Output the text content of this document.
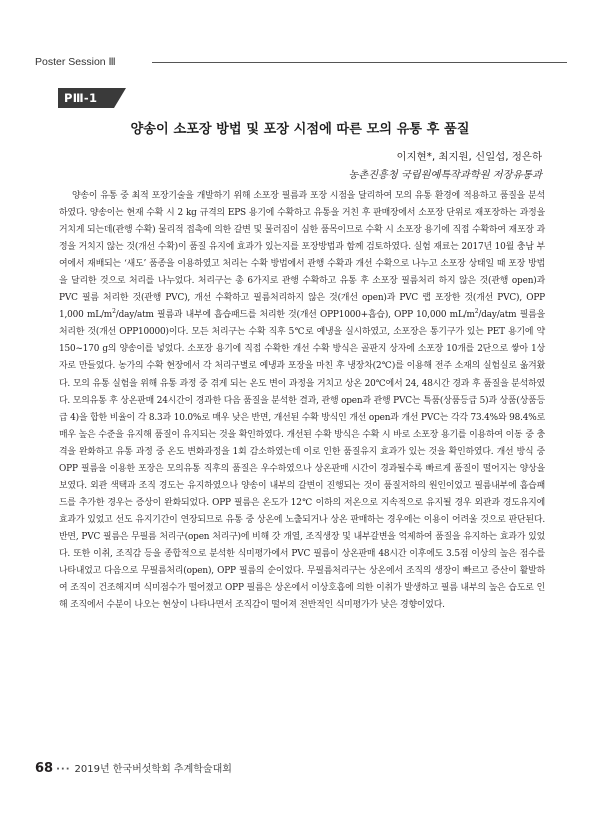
Poster Session Ⅲ
PⅢ-1
양송이 소포장 방법 및 포장 시점에 따른 모의 유통 후 품질
이지현*, 최지원, 신일섭, 정은하
농촌진흥청 국립원예특작과학원 저장유통과

양송이 유통 중 최적 포장기술을 개발하기 위해 소포장 필름과 포장 시점을 달리하여 모의 유통 환경에 적용하고 품질을 분석하였다. 양송이는 현재 수확 시 2 kg 규격의 EPS 용기에 수확하고 유통을 거친 후 판매장에서 소포장 단위로 재포장하는 과정을 거치게 되는데(관행 수확) 물리적 접촉에 의한 갈변 및 물러짐이 심한 품목이므로 수확 시 소포장 용기에 직접 수확하여 재포장 과정을 거치지 않는 것(개선 수확)이 품질 유지에 효과가 있는지를 포장방법과 함께 검토하였다. 실험 재료는 2017년 10월 충남 부여에서 재배되는 ‘새도’ 품종을 이용하였고 처리는 수확 방법에서 관행 수확과 개선 수확으로 나누고 소포장 상태일 때 포장 방법을 달리한 것으로 처리를 나누었다. 처리구는 총 6가지로 관행 수확하고 유통 후 소포장 필름처리 하지 않은 것(관행 open)과 PVC 필름 처리한 것(관행 PVC), 개선 수확하고 필름처리하지 않은 것(개선 open)과 PVC 랩 포장한 것(개선 PVC), OPP 1,000 $mL/m^2/day$/atm 필름과 내부에 흡습패드를 처리한 것(개선 OPP1000+흡습), OPP 10,000 $mL/m^2/day$/atm 필름을 처리한 것(개선 OPP10000)이다. 모든 처리구는 수확 직후 5℃로 예냉을 실시하였고, 소포장은 통기구가 있는 PET 용기에 약 150~170 g의 양송이를 넣었다. 소포장 용기에 직접 수확한 개선 수확 방식은 골판지 상자에 소포장 10개를 2단으로 쌓아 1상자로 만들었다. 농가의 수확 현장에서 각 처리구별로 예냉과 포장을 마친 후 냉장차(2℃)를 이용해 전주 소재의 실험실로 옮겨왔다. 모의 유통 실험을 위해 유통 과정 중 겪게 되는 온도 변이 과정을 거치고 상온 20℃에서 24, 48시간 경과 후 품질을 분석하였다. 모의유통 후 상온판매 24시간이 경과한 다음 품질을 분석한 결과, 관행 open과 관행 PVC는 특품(상품등급 5)과 상품(상품등급 4)을 합한 비율이 각 8.3과 10.0%로 매우 낮은 반면, 개선된 수확 방식인 개선 open과 개선 PVC는 각각 73.4%와 98.4%로 매우 높은 수준을 유지해 품질이 유지되는 것을 확인하였다. 개선된 수확 방식은 수확 시 바로 소포장 용기를 이용하여 이동 중 충격을 완화하고 유통 과정 중 온도 변화과정을 1회 감소하였는데 이로 인한 품질유지 효과가 있는 것을 확인하였다. 개선 방식 중 OPP 필름을 이용한 포장은 모의유통 직후의 품질은 우수하였으나 상온판매 시간이 경과될수록 빠르게 품질이 떨어지는 양상을 보였다. 외관 색택과 조직 경도는 유지하였으나 양송이 내부의 갈변이 진행되는 것이 품질저하의 원인이었고 필름내부에 흡습패드를 추가한 경우는 증상이 완화되었다. OPP 필름은 온도가 12℃ 이하의 저온으로 지속적으로 유지될 경우 외관과 경도유지에 효과가 있었고 선도 유지기간이 연장되므로 유통 중 상온에 노출되거나 상온 판매하는 경우에는 이용이 어려울 것으로 판단된다. 반면, PVC 필름은 무필름 처리구(open 처리구)에 비해 갓 개열, 조직생장 및 내부갈변을 억제하여 품질을 유지하는 효과가 있었다. 또한 이취, 조직감 등을 종합적으로 분석한 식미평가에서 PVC 필름이 상온판매 48시간 이후에도 3.5점 이상의 높은 점수를 나타내었고 다음으로 무필름처리(open), OPP 필름의 순이었다. 무필름처리구는 상온에서 조직의 생장이 빠르고 증산이 활발하여 조직이 건조해지며 식미점수가 떨어졌고 OPP 필름은 상온에서 이상호흡에 의한 이취가 발생하고 필름 내부의 높은 습도로 인해 조직에서 수분이 나오는 현상이 나타나면서 조직감이 떨어져 전반적인 식미평가가 낮은 경향이었다.

68 ··· 2019년 한국버섯학회 추계학술대회
